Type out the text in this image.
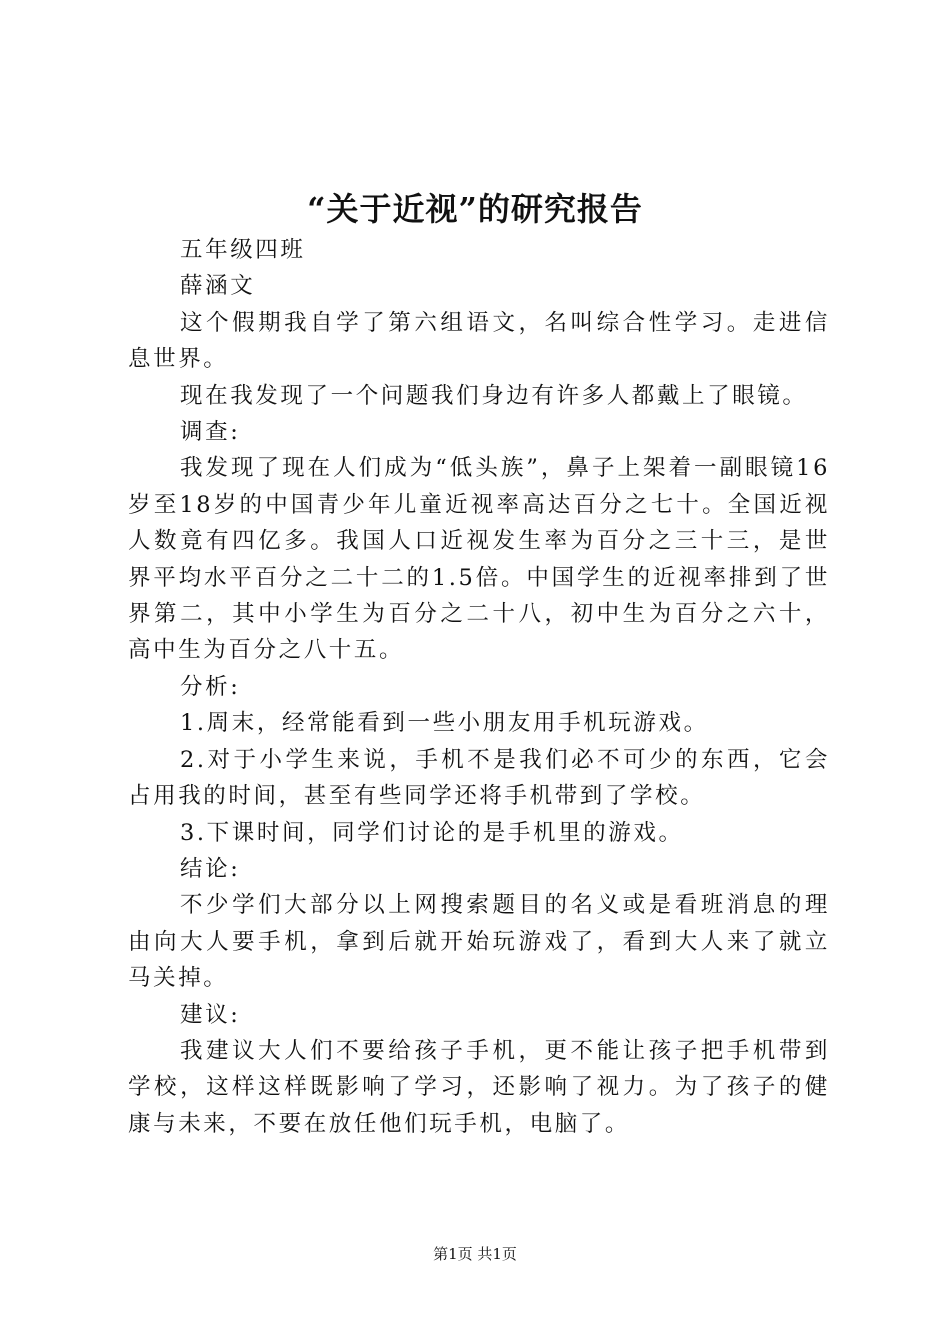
“关于近视”的研究报告

五年级四班

薛涵文

这个假期我自学了第六组语文，名叫综合性学习。走进信息世界。

现在我发现了一个问题我们身边有许多人都戴上了眼镜。

调查:

我发现了现在人们成为“低头族”，鼻子上架着一副眼镜16岁至18岁的中国青少年儿童近视率高达百分之七十。全国近视人数竟有四亿多。我国人口近视发生率为百分之三十三，是世界平均水平百分之二十二的1.5倍。中国学生的近视率排到了世界第二，其中小学生为百分之二十八，初中生为百分之六十，高中生为百分之八十五。

分析:

1.周末，经常能看到一些小朋友用手机玩游戏。

2.对于小学生来说，手机不是我们必不可少的东西，它会占用我的时间，甚至有些同学还将手机带到了学校。

3.下课时间，同学们讨论的是手机里的游戏。

结论:

不少学们大部分以上网搜索题目的名义或是看班消息的理由向大人要手机，拿到后就开始玩游戏了，看到大人来了就立马关掉。

建议:

我建议大人们不要给孩子手机，更不能让孩子把手机带到学校，这样这样既影响了学习，还影响了视力。为了孩子的健康与未来，不要在放任他们玩手机，电脑了。

第1页 共1页
